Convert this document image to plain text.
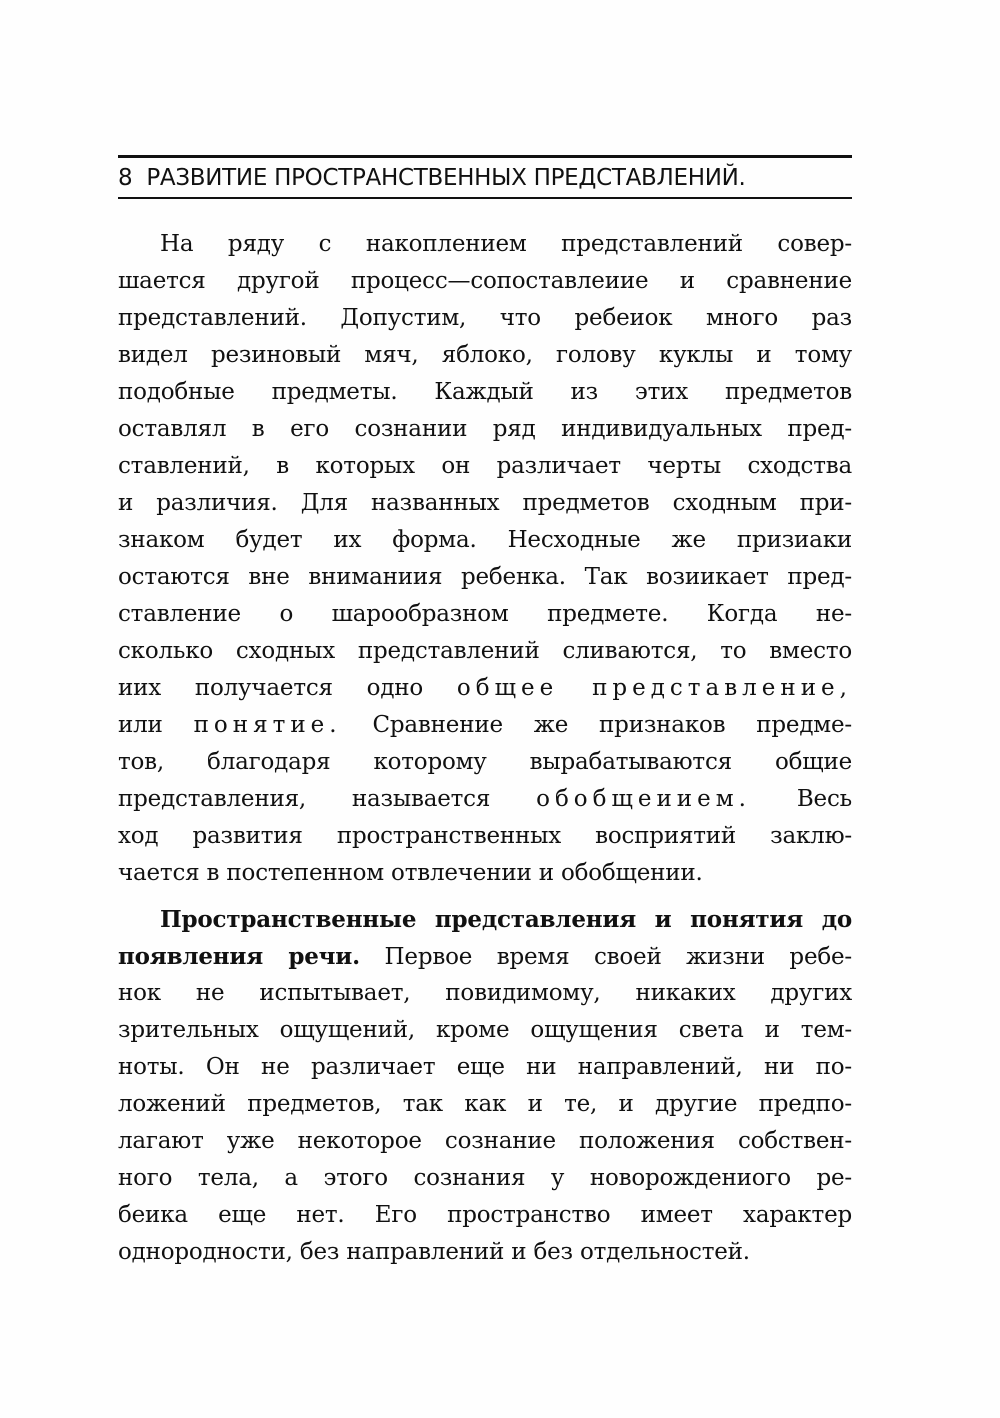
8 РАЗВИТИЕ ПРОСТРАНСТВЕННЫХ ПРЕДСТАВЛЕНИЙ.
На ряду с накоплением представлений совер-
шается другой процесс—сопоставлеиие и сравнение
представлений. Допустим, что ребеиок много раз
видел резиновый мяч, яблоко, голову куклы и тому
подобные предметы. Каждый из этих предметов
оставлял в его сознании ряд индивидуальных пред-
ставлений, в которых он различает черты сходства
и различия. Для названных предметов сходным при-
знаком будет их форма. Несходные же призиаки
остаются вне вниманиия ребенка. Так возиикает пред-
ставление о шарообразном предмете. Когда не-
сколько сходных представлений сливаются, то вместо
иих получается одно общее представление,
или понятие. Сравнение же признаков предме-
тов, благодаря которому вырабатываются общие
представления, называется обобщеиием. Весь
ход развития пространственных восприятий заклю-
чается в постепенном отвлечении и обобщении.
Пространственные представления и понятия до
появления речи. Первое время своей жизни ребе-
нок не испытывает, повидимому, никаких других
зрительных ощущений, кроме ощущения света и тем-
ноты. Он не различает еще ни направлений, ни по-
ложений предметов, так как и те, и другие предпо-
лагают уже некоторое сознание положения собствен-
ного тела, а этого сознания у новорождениого ре-
беика еще нет. Его пространство имеет характер
однородности, без направлений и без отдельностей.
